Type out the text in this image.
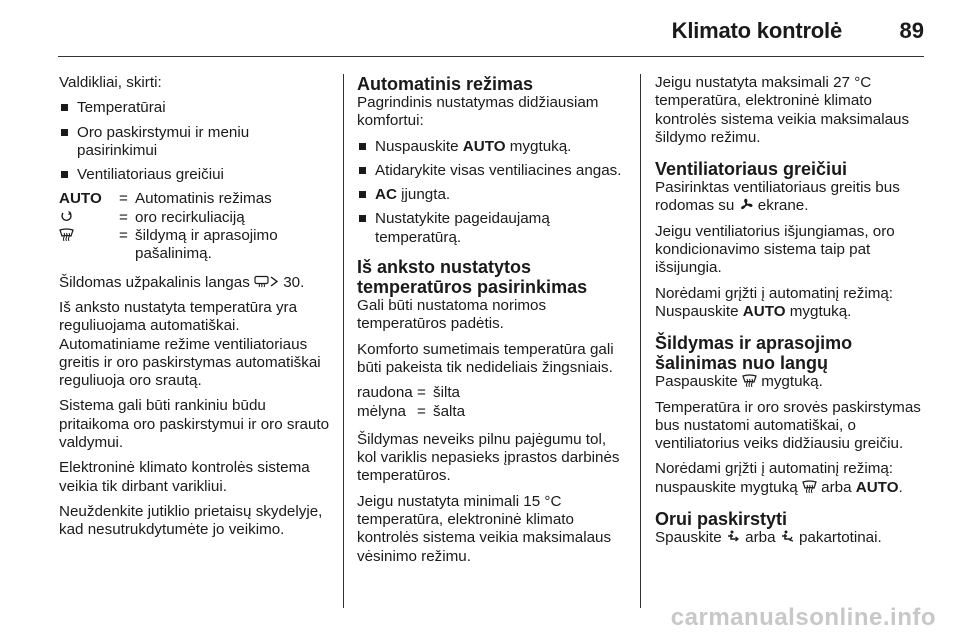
Klimato kontrolė	89

Valdikliai, skirti:

Temperatūrai
Oro paskirstymui ir meniu pasirinkimui
Ventiliatoriaus greičiui
AUTO	= Automatinis režimas
= oro recirkuliaciją
= šildymą ir aprasojimo pašalinimą.

Šildomas užpakalinis langas
30.

Iš anksto nustatyta temperatūra yra reguliuojama automatiškai. Automatiniame režime ventiliatoriaus greitis ir oro paskirstymas automatiškai reguliuoja oro srautą.

Sistema gali būti rankiniu būdu pritaikoma oro paskirstymui ir oro srauto valdymui.

Elektroninė klimato kontrolės sistema veikia tik dirbant varikliui.

Neuždenkite jutiklio prietaisų skydelyje, kad nesutrukdytumėte jo veikimo.

Automatinis režimas

Pagrindinis nustatymas didžiausiam komfortui:

Nuspauskite AUTO mygtuką.
Atidarykite visas ventiliacines angas.
AC įjungta.
Nustatykite pageidaujamą temperatūrą.
Iš anksto nustatytos
temperatūros pasirinkimas

Gali būti nustatoma norimos temperatūros padėtis.

Komforto sumetimais temperatūra gali būti pakeista tik nedideliais žingsniais.

raudona = šilta
mėlyna = šalta

Šildymas neveiks pilnu pajėgumu tol, kol variklis nepasieks įprastos darbinės temperatūros.

Jeigu nustatyta minimali 15 °C temperatūra, elektroninė klimato kontrolės sistema veikia maksimalaus vėsinimo režimu.

Jeigu nustatyta maksimali 27 °C temperatūra, elektroninė klimato kontrolės sistema veikia maksimalaus šildymo režimu.

Ventiliatoriaus greičiui

Pasirinktas ventiliatoriaus greitis bus rodomas su
ekrane.

Jeigu ventiliatorius išjungiamas, oro kondicionavimo sistema taip pat išsijungia.

Norėdami grįžti į automatinį režimą: Nuspauskite AUTO mygtuką.

Šildymas ir aprasojimo
šalinimas nuo langų

Paspauskite
mygtuką.

Temperatūra ir oro srovės paskirstymas bus nustatomi automatiškai, o ventiliatorius veiks didžiausiu greičiu.

Norėdami grįžti į automatinį režimą: nuspauskite mygtuką
arba AUTO.

Orui paskirstyti

Spauskite
arba
pakartotinai.

carmanualsonline.info
